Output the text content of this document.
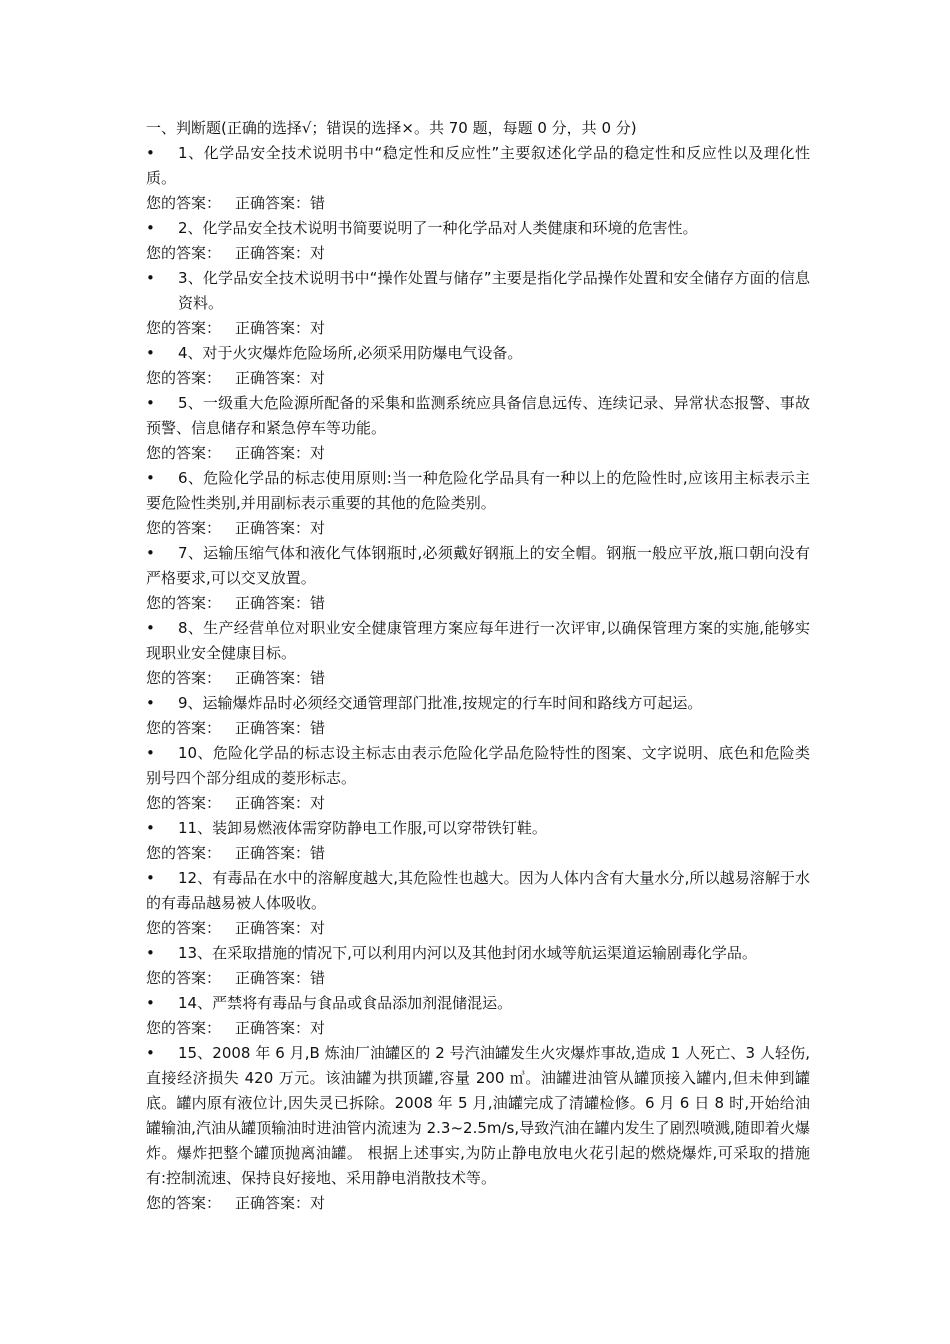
一、判断题(正确的选择√；错误的选择×。共 70 题，每题 0 分，共 0 分)

•	1、化学品安全技术说明书中“稳定性和反应性”主要叙述化学品的稳定性和反应性以及理化性质。

您的答案： 正确答案：错

•	2、化学品安全技术说明书简要说明了一种化学品对人类健康和环境的危害性。

您的答案： 正确答案：对

•	3、化学品安全技术说明书中“操作处置与储存”主要是指化学品操作处置和安全储存方面的信息资料。

您的答案： 正确答案：对

•	4、对于火灾爆炸危险场所,必须采用防爆电气设备。

您的答案： 正确答案：对

•	5、一级重大危险源所配备的采集和监测系统应具备信息远传、连续记录、异常状态报警、事故预警、信息储存和紧急停车等功能。

您的答案： 正确答案：对

•	6、危险化学品的标志使用原则:当一种危险化学品具有一种以上的危险性时,应该用主标表示主要危险性类别,并用副标表示重要的其他的危险类别。

您的答案： 正确答案：对

•	7、运输压缩气体和液化气体钢瓶时,必须戴好钢瓶上的安全帽。钢瓶一般应平放,瓶口朝向没有严格要求,可以交叉放置。

您的答案： 正确答案：错

•	8、生产经营单位对职业安全健康管理方案应每年进行一次评审,以确保管理方案的实施,能够实现职业安全健康目标。

您的答案： 正确答案：错

•	9、运输爆炸品时必须经交通管理部门批准,按规定的行车时间和路线方可起运。

您的答案： 正确答案：错

•	10、危险化学品的标志设主标志由表示危险化学品危险特性的图案、文字说明、底色和危险类别号四个部分组成的菱形标志。

您的答案： 正确答案：对

•	11、装卸易燃液体需穿防静电工作服,可以穿带铁钉鞋。

您的答案： 正确答案：错

•	12、有毒品在水中的溶解度越大,其危险性也越大。因为人体内含有大量水分,所以越易溶解于水的有毒品越易被人体吸收。

您的答案： 正确答案：对

•	13、在采取措施的情况下,可以利用内河以及其他封闭水域等航运渠道运输剧毒化学品。

您的答案： 正确答案：错

•	14、严禁将有毒品与食品或食品添加剂混储混运。

您的答案： 正确答案：对

•	15、2008 年 6 月,B 炼油厂油罐区的 2 号汽油罐发生火灾爆炸事故,造成 1 人死亡、3 人轻伤,直接经济损失 420 万元。该油罐为拱顶罐,容量 200 ㎥。油罐进油管从罐顶接入罐内,但未伸到罐底。罐内原有液位计,因失灵已拆除。2008 年 5 月,油罐完成了清罐检修。6 月 6 日 8 时,开始给油罐输油,汽油从罐顶输油时进油管内流速为 2.3~2.5m/s,导致汽油在罐内发生了剧烈喷溅,随即着火爆炸。爆炸把整个罐顶抛离油罐。 根据上述事实,为防止静电放电火花引起的燃烧爆炸,可采取的措施有:控制流速、保持良好接地、采用静电消散技术等。

您的答案： 正确答案：对
